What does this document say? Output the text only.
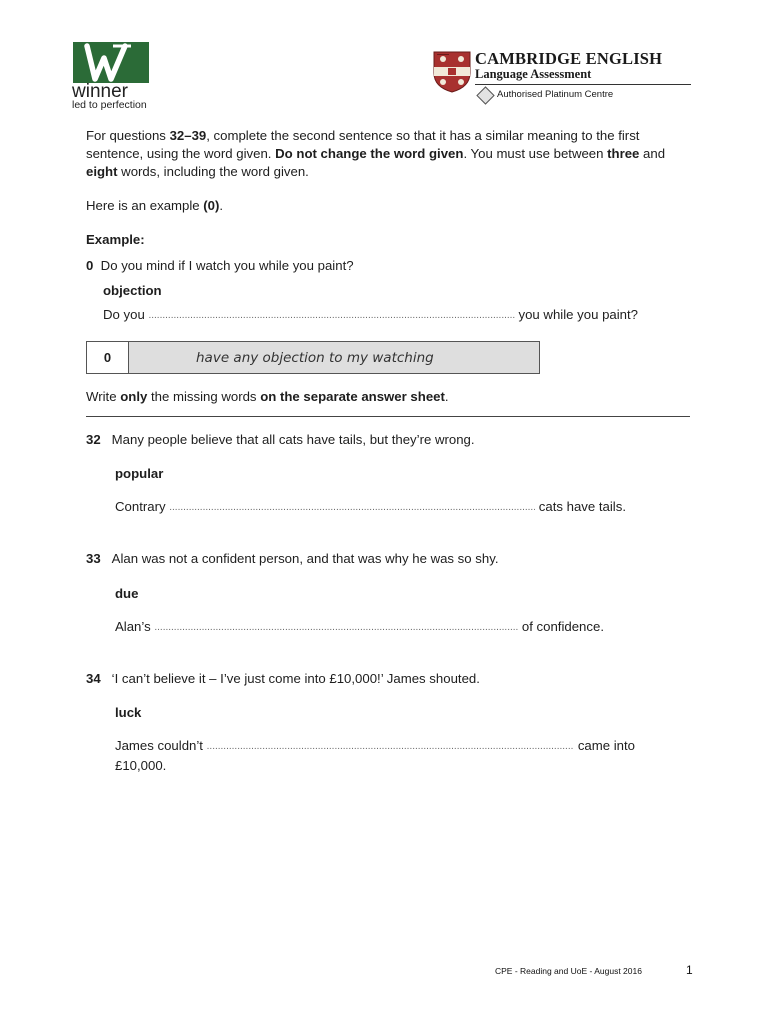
winner
led to perfection
CAMBRIDGE ENGLISH
Language Assessment
Authorised Platinum Centre
For questions 32–39, complete the second sentence so that it has a similar meaning to the first sentence, using the word given. Do not change the word given. You must use between three and eight words, including the word given.
Here is an example (0).
Example:
0 Do you mind if I watch you while you paint?
objection
Do you
.....
	you while you paint?
0	have any objection to my watching
Write only the missing words on the separate answer sheet.
32 Many people believe that all cats have tails, but they’re wrong.
popular
Contrary
.....
	cats have tails.
33 Alan was not a confident person, and that was why he was so shy.
due
Alan’s
.....
	of confidence.
34 ‘I can’t believe it – I’ve just come into £10,000!’ James shouted.
luck
James couldn’t
.....
	came into
£10,000.
CPE - Reading and UoE - August 2016	1
